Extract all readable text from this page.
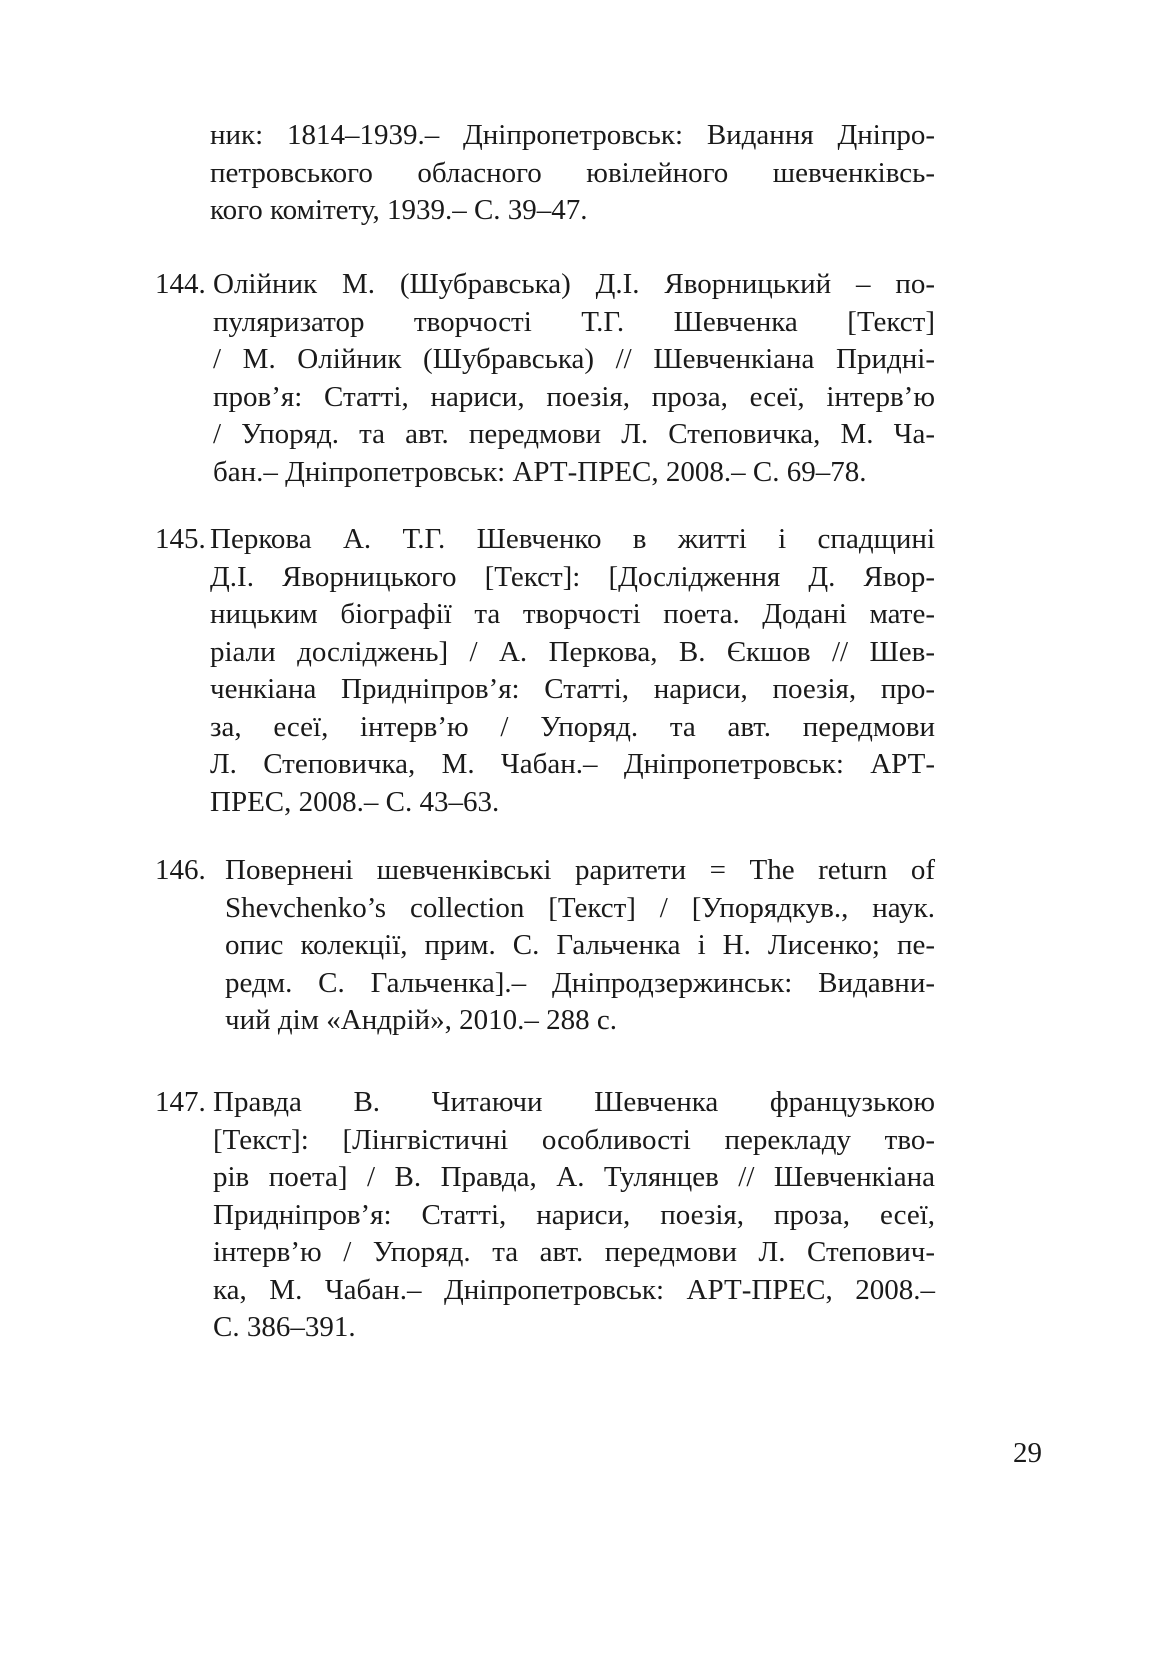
ник: 1814–1939.– Дніпропетровськ: Видання Дніпро-
петровського обласного ювілейного шевченківсь-
кого комітету, 1939.– С. 39–47.
144. Олійник М. (Шубравська) Д.І. Яворницький – по-
пуляризатор творчості Т.Г. Шевченка [Текст]
/ М. Олійник (Шубравська) // Шевченкіана Придні-
пров’я: Статті, нариси, поезія, проза, есеї, інтерв’ю
/ Упоряд. та авт. передмови Л. Степовичка, М. Ча-
бан.– Дніпропетровськ: АРТ-ПРЕС, 2008.– С. 69–78.
145. Перкова А. Т.Г. Шевченко в житті і спадщині
Д.І. Яворницького [Текст]: [Дослідження Д. Явор-
ницьким біографії та творчості поета. Додані мате-
ріали досліджень] / А. Перкова, В. Єкшов // Шев-
ченкіана Придніпров’я: Статті, нариси, поезія, про-
за, есеї, інтерв’ю / Упоряд. та авт. передмови
Л. Степовичка, М. Чабан.– Дніпропетровськ: АРТ-
ПРЕС, 2008.– С. 43–63.
146. Повернені шевченківські раритети = The return of
Shevchenko’s collection [Текст] / [Упорядкув., наук.
опис колекції, прим. С. Гальченка і Н. Лисенко; пе-
редм. С. Гальченка].– Дніпродзержинськ: Видавни-
чий дім «Андрій», 2010.– 288 с.
147. Правда В. Читаючи Шевченка французькою
[Текст]: [Лінгвістичні особливості перекладу тво-
рів поета] / В. Правда, А. Тулянцев // Шевченкіана
Придніпров’я: Статті, нариси, поезія, проза, есеї,
інтерв’ю / Упоряд. та авт. передмови Л. Степович-
ка, М. Чабан.– Дніпропетровськ: АРТ-ПРЕС, 2008.–
С. 386–391.
29
